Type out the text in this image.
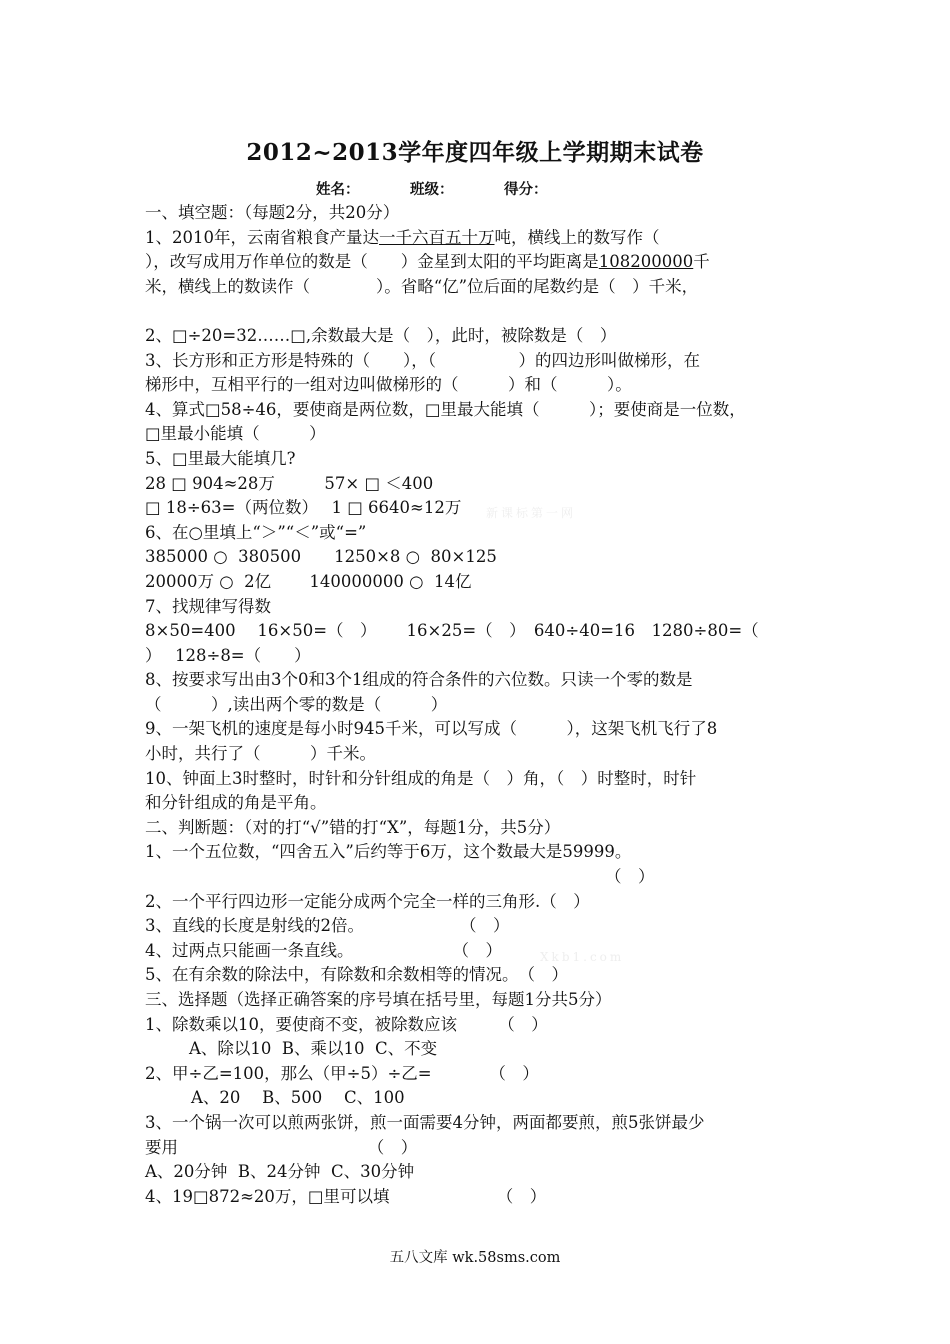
2012~2013学年度四年级上学期期末试卷
姓名：	班级：	得分：
一、填空题：（每题2分，共20分）
1、2010年，云南省粮食产量达一千六百五十万吨，横线上的数写作（
），改写成用万作单位的数是（　　）金星到太阳的平均距离是108200000千
米，横线上的数读作（　　　　）。省略“亿”位后面的尾数约是（　）千米，
2、□÷20=32……□,余数最大是（　），此时，被除数是（　）
3、长方形和正方形是特殊的（　　），（　　　　　）的四边形叫做梯形，在
梯形中，互相平行的一组对边叫做梯形的（　　　）和（　　　）。
4、算式□58÷46，要使商是两位数，□里最大能填（　　　）；要使商是一位数，
□里最小能填（　　　）
5、□里最大能填几?
28 □ 904≈28万　　　57× □ ＜400
□ 18÷63=（两位数）　 1 □ 6640≈12万
6、在○里填上“＞”“＜”或“=”
385000 ○  380500　　1250×8 ○  80×125
20000万 ○  2亿　　 140000000 ○  14亿
7、找规律写得数
8×50=400　 16×50=（　）　　 16×25=（　）　640÷40=16　1280÷80=（
）　 128÷8=（　　）
8、按要求写出由3个0和3个1组成的符合条件的六位数。只读一个零的数是
（　　　）,读出两个零的数是（　　　）
9、一架飞机的速度是每小时945千米，可以写成（　　　），这架飞机飞行了8
小时，共行了（　　　）千米。
10、钟面上3时整时，时针和分针组成的角是（　）角，（　）时整时，时针
和分针组成的角是平角。
二、判断题：（对的打“√”错的打“X”，每题1分，共5分）
1、一个五位数，“四舍五入”后约等于6万，这个数最大是59999。
（　）
2、一个平行四边形一定能分成两个完全一样的三角形.（　）
3、直线的长度是射线的2倍。　　　　　　 （　）
4、过两点只能画一条直线。　　　　　　　（　）
5、在有余数的除法中，有除数和余数相等的情况。　（　）
三、选择题（选择正确答案的序号填在括号里，每题1分共5分）
1、除数乘以10，要使商不变，被除数应该　　　（　）
A、除以10  B、乘以10  C、不变
2、甲÷乙=100，那么（甲÷5）÷乙=　　　　（　）
A、20　 B、500　 C、100
3、一个锅一次可以煎两张饼，煎一面需要4分钟，两面都要煎，煎5张饼最少
要用　　　　　　　　　　　　（　）
A、20分钟  B、24分钟  C、30分钟
4、19□872≈20万，□里可以填　　　　　　　（　）
Xkb1.com
新课标第一网
五八文库 wk.58sms.com
